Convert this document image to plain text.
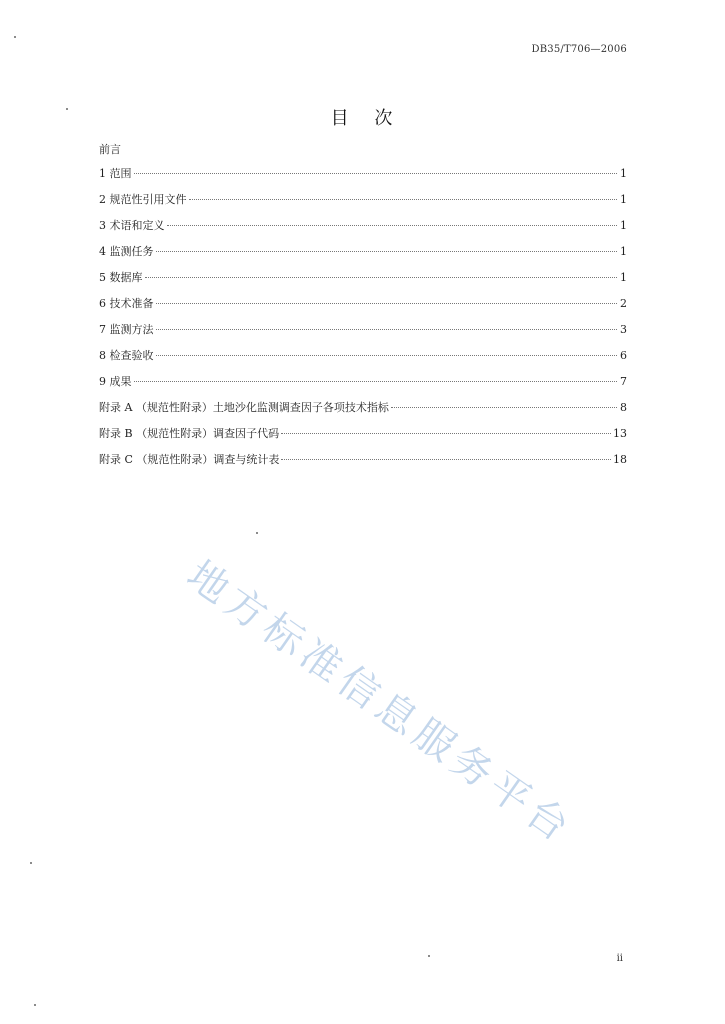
DB35/T706—2006
目 次
前言
1 范围	1
2 规范性引用文件	1
3 术语和定义	1
4 监测任务	1
5 数据库	1
6 技术准备	2
7 监测方法	3
8 检查验收	6
9 成果	7
附录 A （规范性附录）土地沙化监测调查因子各项技术指标	8
附录 B （规范性附录）调查因子代码	13
附录 C （规范性附录）调查与统计表	18
地方标准信息服务平台
ii
